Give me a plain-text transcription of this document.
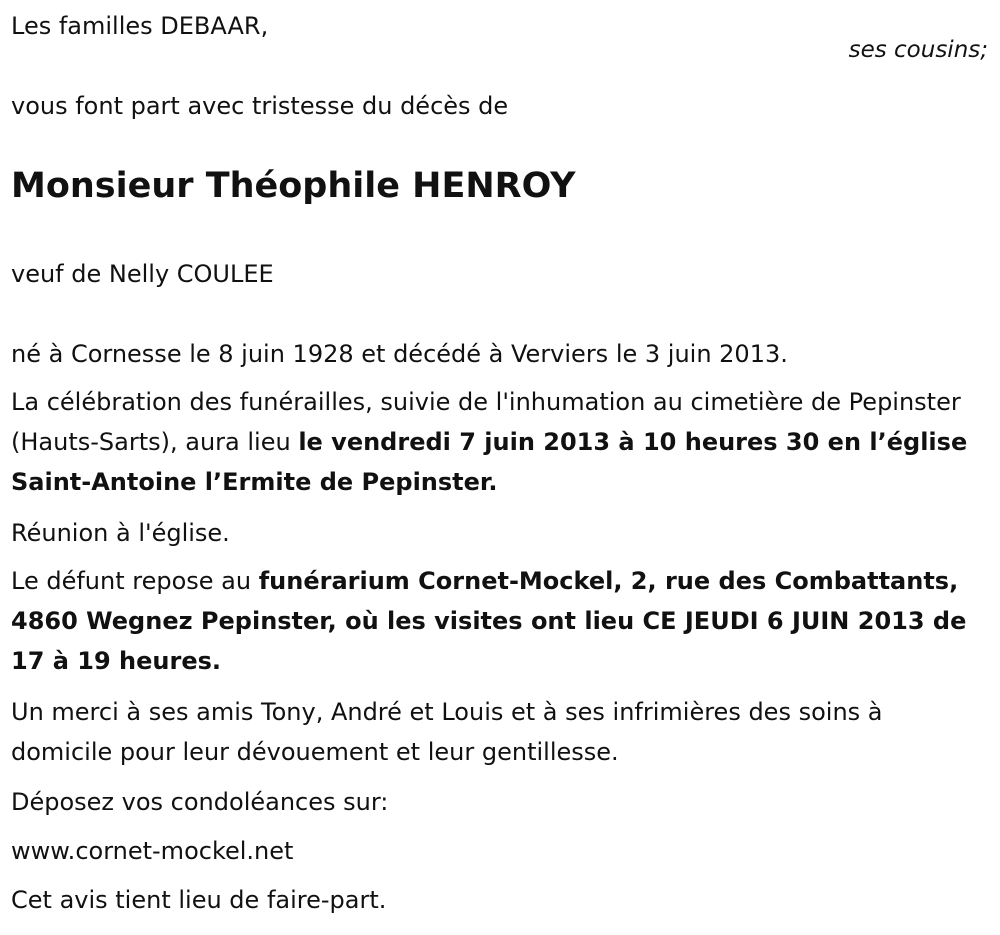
Les familles DEBAAR,

ses cousins;

vous font part avec tristesse du décès de

Monsieur Théophile HENROY

veuf de Nelly COULEE

né à Cornesse le 8 juin 1928 et décédé à Verviers le 3 juin 2013.

La célébration des funérailles, suivie de l'inhumation au cimetière de Pepinster (Hauts-Sarts), aura lieu le vendredi 7 juin 2013 à 10 heures 30 en l’église Saint-Antoine l’Ermite de Pepinster.

Réunion à l'église.

Le défunt repose au funérarium Cornet-Mockel, 2, rue des Combattants, 4860 Wegnez Pepinster, où les visites ont lieu CE JEUDI 6 JUIN 2013 de 17 à 19 heures.

Un merci à ses amis Tony, André et Louis et à ses infrimières des soins à domicile pour leur dévouement et leur gentillesse.

Déposez vos condoléances sur:

www.cornet-mockel.net

Cet avis tient lieu de faire-part.
